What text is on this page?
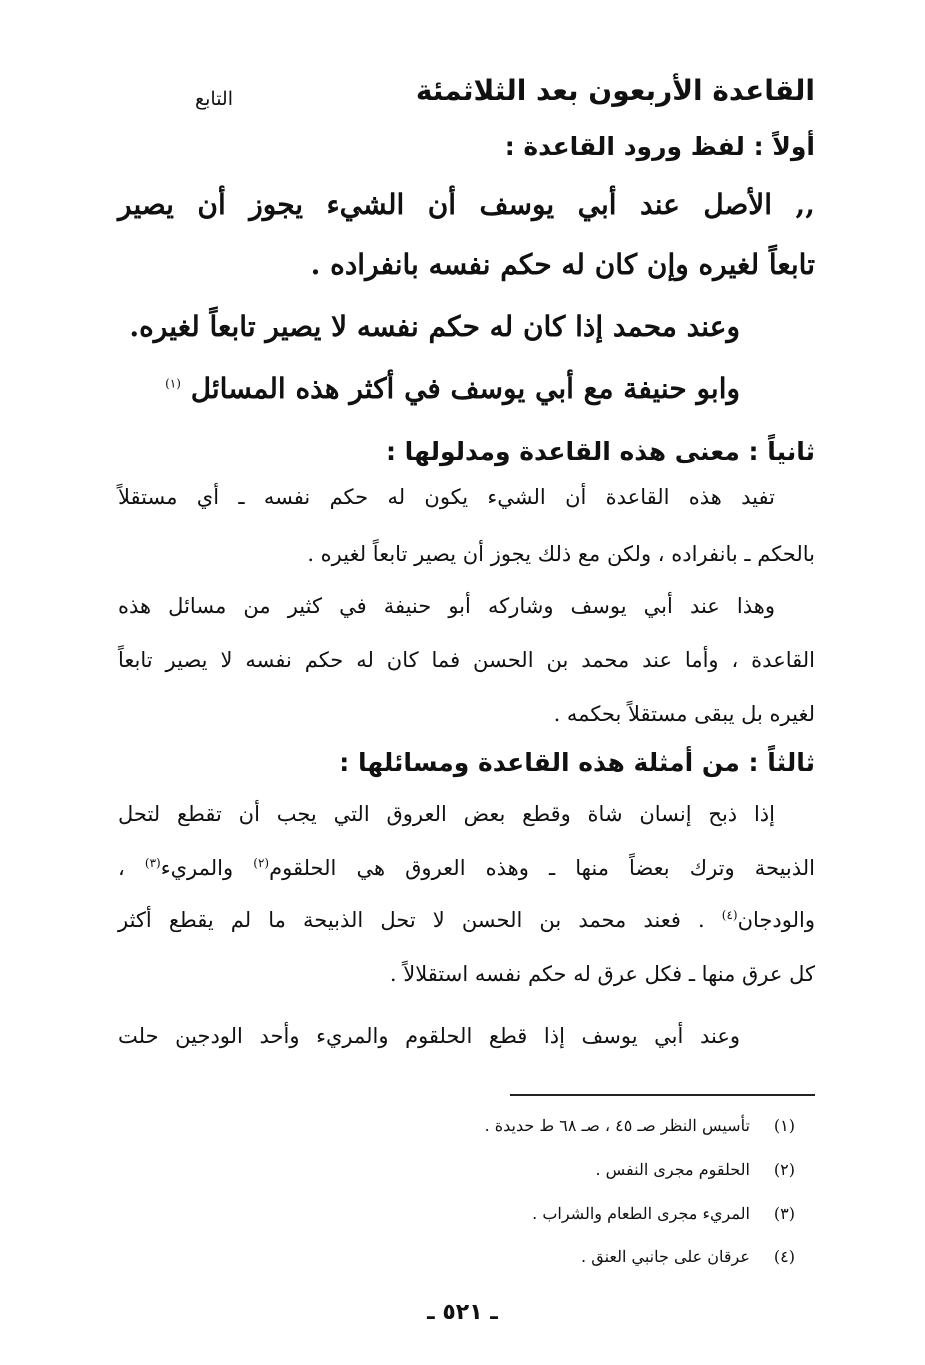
القاعدة الأربعون بعد الثلاثمئة
التابع
أولاً : لفظ ورود القاعدة :
,, الأصل عند أبي يوسف أن الشيء يجوز أن يصير
تابعاً لغيره وإن كان له حكم نفسه بانفراده .
وعند محمد إذا كان له حكم نفسه لا يصير تابعاً لغيره.
وابو حنيفة مع أبي يوسف في أكثر هذه المسائل $^{(١)}$
ثانياً : معنى هذه القاعدة ومدلولها :
تفيد هذه القاعدة أن الشيء يكون له حكم نفسه ـ أي مستقلاً
بالحكم ـ بانفراده ، ولكن مع ذلك يجوز أن يصير تابعاً لغيره .
وهذا عند أبي يوسف وشاركه أبو حنيفة في كثير من مسائل هذه
القاعدة ، وأما عند محمد بن الحسن فما كان له حكم نفسه لا يصير تابعاً
لغيره بل يبقى مستقلاً بحكمه .
ثالثاً : من أمثلة هذه القاعدة ومسائلها :
إذا ذبح إنسان شاة وقطع بعض العروق التي يجب أن تقطع لتحل
الذبيحة وترك بعضاً منها ـ وهذه العروق هي الحلقوم$^{(٢)}$ والمريء$^{(٣)}$ ،
والودجان$^{(٤)}$ . فعند محمد بن الحسن لا تحل الذبيحة ما لم يقطع أكثر
كل عرق منها ـ فكل عرق له حكم نفسه استقلالاً .
وعند أبي يوسف إذا قطع الحلقوم والمريء وأحد الودجين حلت
(١) تأسيس النظر صـ ٤٥ ، صـ ٦٨ ط حديدة .
(٢) الحلقوم مجرى النفس .
(٣) المريء مجرى الطعام والشراب .
(٤) عرقان على جانبي العنق .
ـ ٥٢١ ـ
